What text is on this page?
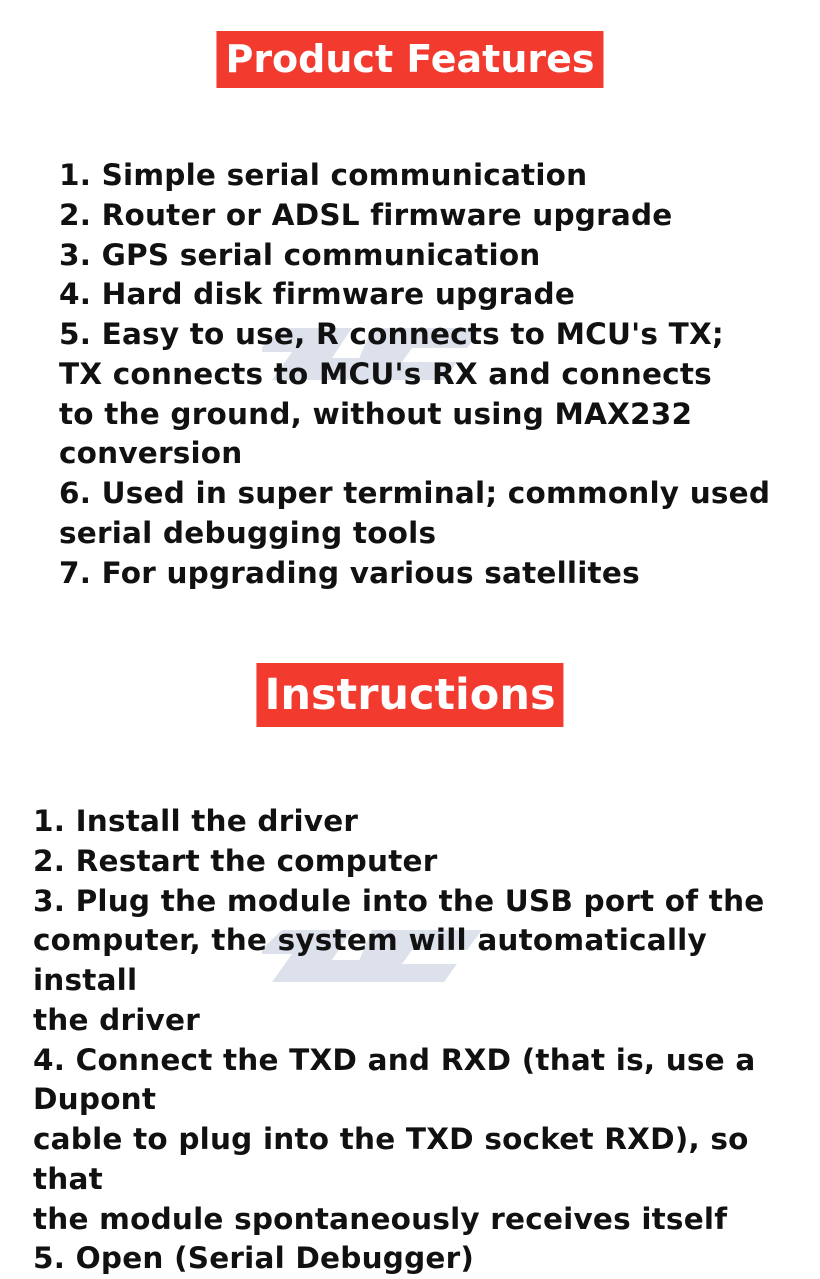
Product Features
1. Simple serial communication
2. Router or ADSL firmware upgrade
3. GPS serial communication
4. Hard disk firmware upgrade
5. Easy to use, R connects to MCU's TX;
TX connects to MCU's RX and connects
to the ground, without using MAX232
conversion
6. Used in super terminal; commonly used
serial debugging tools
7. For upgrading various satellites
Instructions
1. Install the driver
2. Restart the computer
3. Plug the module into the USB port of the
computer, the system will automatically install
the driver
4. Connect the TXD and RXD (that is, use a Dupont
cable to plug into the TXD socket RXD), so that
the module spontaneously receives itself
5. Open (Serial Debugger)
